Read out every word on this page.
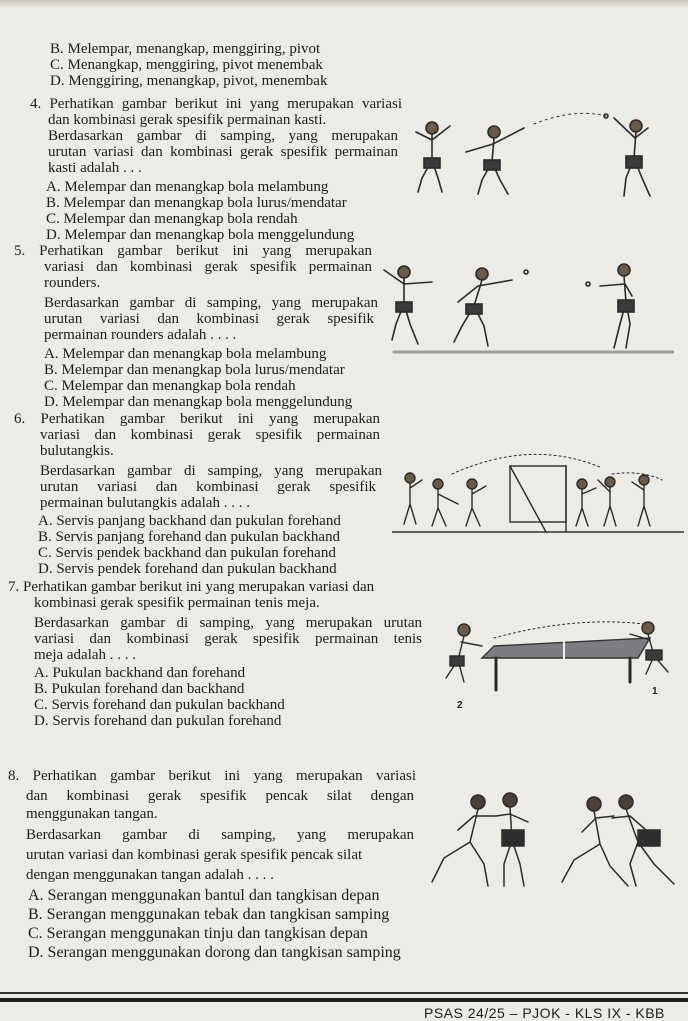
B. Melempar, menangkap, menggiring, pivot
C. Menangkap, menggiring, pivot menembak
D. Menggiring, menangkap, pivot, menembak
4. Perhatikan gambar berikut ini yang merupakan variasi
dan kombinasi gerak spesifik permainan kasti.
Berdasarkan gambar di samping, yang merupakan
urutan variasi dan kombinasi gerak spesifik permainan
kasti adalah . . .
A. Melempar dan menangkap bola melambung
B. Melempar dan menangkap bola lurus/mendatar
C. Melempar dan menangkap bola rendah
D. Melempar dan menangkap bola menggelundung
5. Perhatikan gambar berikut ini yang merupakan
variasi dan kombinasi gerak spesifik permainan
rounders.
Berdasarkan gambar di samping, yang merupakan
urutan variasi dan kombinasi gerak spesifik
permainan rounders adalah . . . .
A. Melempar dan menangkap bola melambung
B. Melempar dan menangkap bola lurus/mendatar
C. Melempar dan menangkap bola rendah
D. Melempar dan menangkap bola menggelundung
6. Perhatikan gambar berikut ini yang merupakan
variasi dan kombinasi gerak spesifik permainan
bulutangkis.
Berdasarkan gambar di samping, yang merupakan
urutan variasi dan kombinasi gerak spesifik
permainan bulutangkis adalah . . . .
A. Servis panjang backhand dan pukulan forehand
B. Servis panjang forehand dan pukulan backhand
C. Servis pendek backhand dan pukulan forehand
D. Servis pendek forehand dan pukulan backhand
7. Perhatikan gambar berikut ini yang merupakan variasi dan
kombinasi gerak spesifik permainan tenis meja.
Berdasarkan gambar di samping, yang merupakan urutan
variasi dan kombinasi gerak spesifik permainan tenis
meja adalah . . . .
A. Pukulan backhand dan forehand
B. Pukulan forehand dan backhand
C. Servis forehand dan pukulan backhand
D. Servis forehand dan pukulan forehand
2
1
8. Perhatikan gambar berikut ini yang merupakan variasi
dan kombinasi gerak spesifik pencak silat dengan
menggunakan tangan.
Berdasarkan gambar di samping, yang merupakan
urutan variasi dan kombinasi gerak spesifik pencak silat
dengan menggunakan tangan adalah . . . .
A. Serangan menggunakan bantul dan tangkisan depan
B. Serangan menggunakan tebak dan tangkisan samping
C. Serangan menggunakan tinju dan tangkisan depan
D. Serangan menggunakan dorong dan tangkisan samping
PSAS 24/25 – PJOK - KLS IX - KBB
